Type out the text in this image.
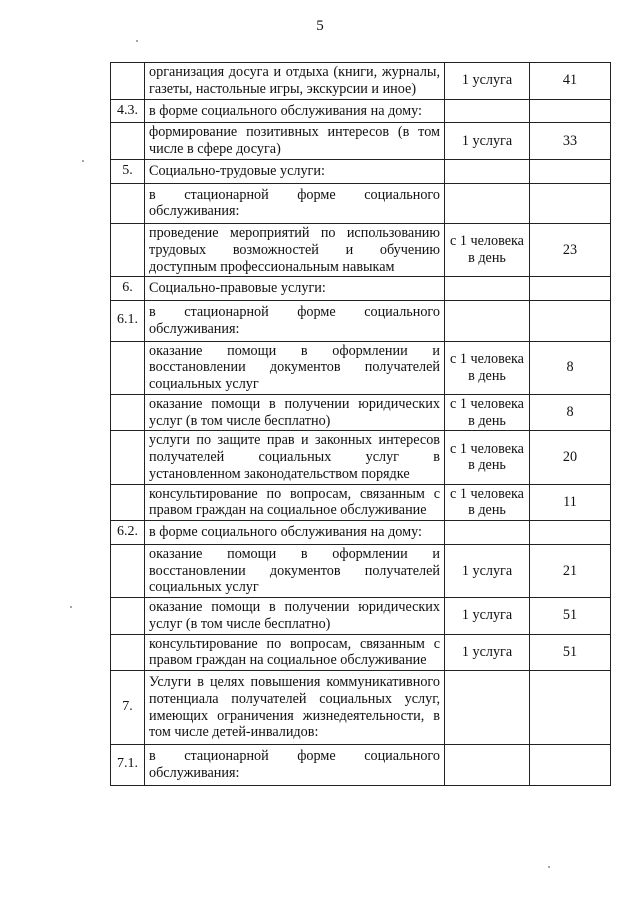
5
	организация досуга и отдыха (книги, журналы, газеты, настольные игры, экскурсии и иное)	1 услуга	41
4.3.	в форме социального обслуживания на дому:		
	формирование позитивных интересов (в том числе в сфере досуга)	1 услуга	33
5.	Социально-трудовые услуги:		
	в стационарной форме социального обслуживания:		
	проведение мероприятий по использованию трудовых возможностей и обучению доступным профессиональным навыкам	с 1 человека в день	23
6.	Социально-правовые услуги:		
6.1.	в стационарной форме социального обслуживания:		
	оказание помощи в оформлении и восстановлении документов получателей социальных услуг	с 1 человека в день	8
	оказание помощи в получении юридических услуг (в том числе бесплатно)	с 1 человека в день	8
	услуги по защите прав и законных интересов получателей социальных услуг в установленном законодательством порядке	с 1 человека в день	20
	консультирование по вопросам, связанным с правом граждан на социальное обслуживание	с 1 человека в день	11
6.2.	в форме социального обслуживания на дому:		
	оказание помощи в оформлении и восстановлении документов получателей социальных услуг	1 услуга	21
	оказание помощи в получении юридических услуг (в том числе бесплатно)	1 услуга	51
	консультирование по вопросам, связанным с правом граждан на социальное обслуживание	1 услуга	51
7.	Услуги в целях повышения коммуникативного потенциала получателей социальных услуг, имеющих ограничения жизнедеятельности, в том числе детей-инвалидов:		
7.1.	в стационарной форме социального обслуживания:		
